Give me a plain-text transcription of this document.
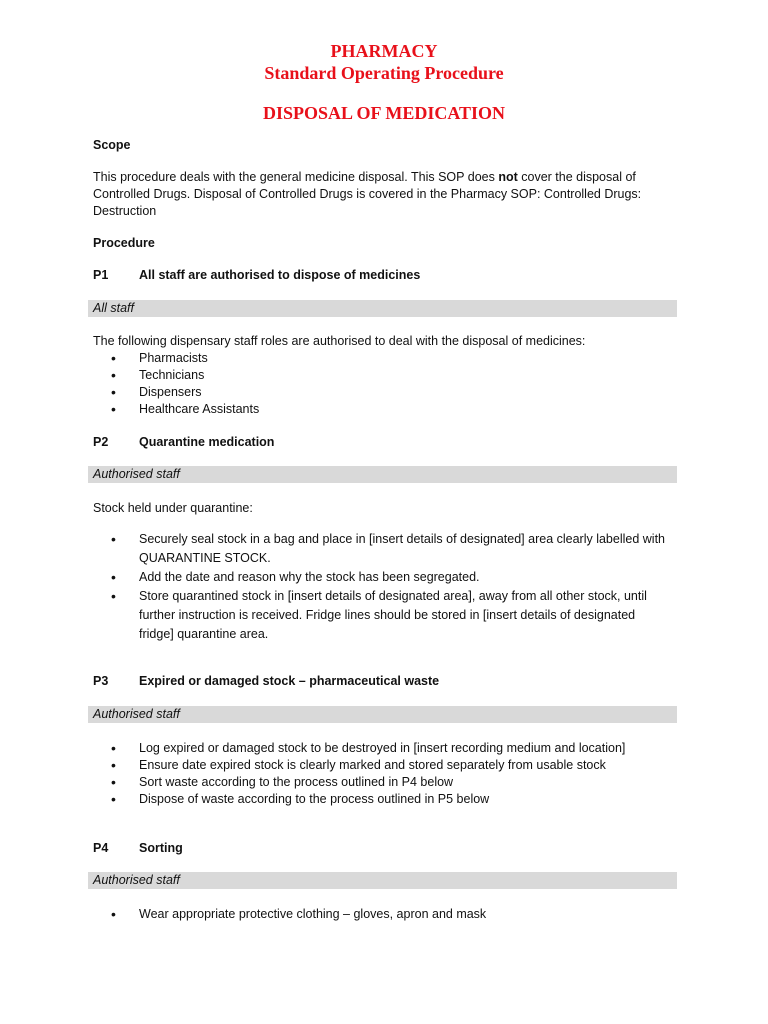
PHARMACY
Standard Operating Procedure
DISPOSAL OF MEDICATION
Scope
This procedure deals with the general medicine disposal. This SOP does not cover the disposal of Controlled Drugs. Disposal of Controlled Drugs is covered in the Pharmacy SOP: Controlled Drugs: Destruction
Procedure
P1 All staff are authorised to dispose of medicines
All staff
The following dispensary staff roles are authorised to deal with the disposal of medicines:
• Pharmacists
• Technicians
• Dispensers
• Healthcare Assistants
P2 Quarantine medication
Authorised staff
Stock held under quarantine:
• Securely seal stock in a bag and place in [insert details of designated] area clearly labelled with QUARANTINE STOCK.
• Add the date and reason why the stock has been segregated.
• Store quarantined stock in [insert details of designated area], away from all other stock, until further instruction is received. Fridge lines should be stored in [insert details of designated fridge] quarantine area.
P3 Expired or damaged stock – pharmaceutical waste
Authorised staff
• Log expired or damaged stock to be destroyed in [insert recording medium and location]
• Ensure date expired stock is clearly marked and stored separately from usable stock
• Sort waste according to the process outlined in P4 below
• Dispose of waste according to the process outlined in P5 below
P4 Sorting
Authorised staff
• Wear appropriate protective clothing – gloves, apron and mask
